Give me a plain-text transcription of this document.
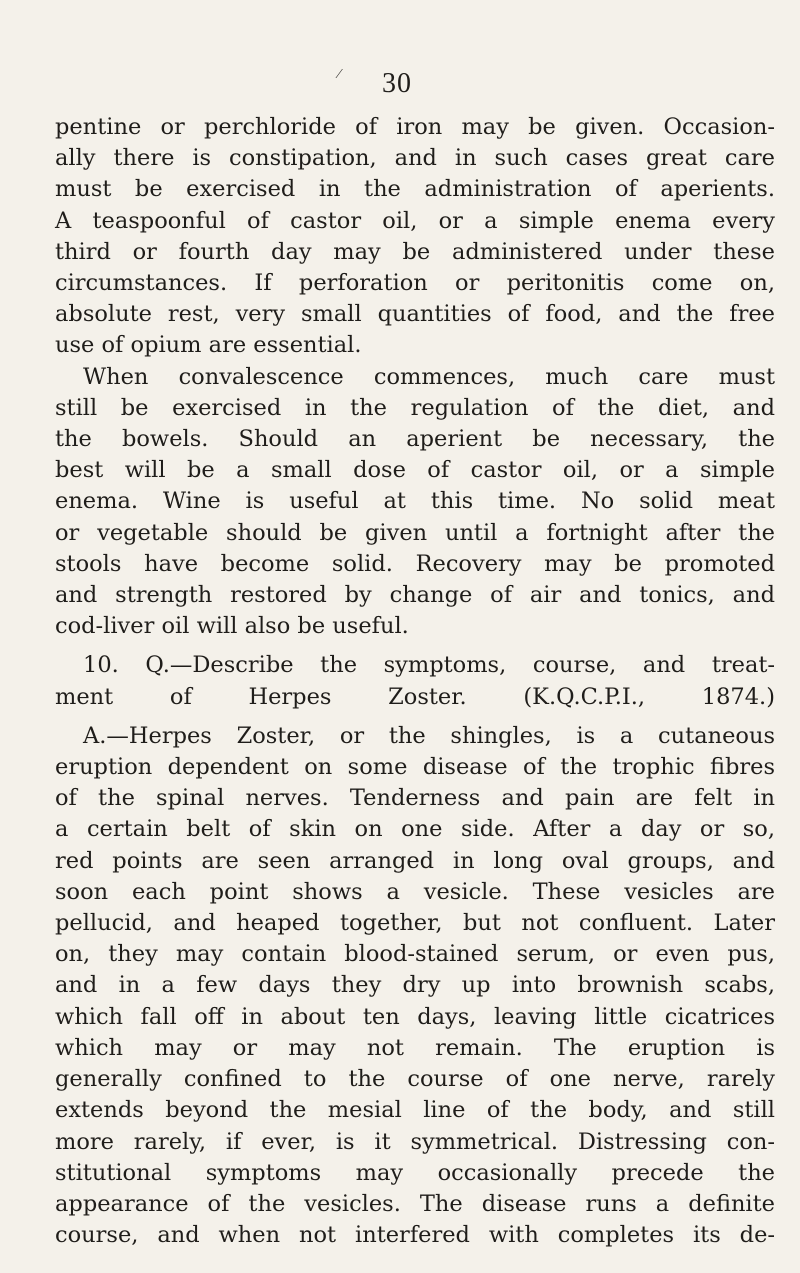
⁄ 30

pentine or perchloride of iron may be given. Occasion-
ally there is constipation, and in such cases great care
must be exercised in the administration of aperients.
A teaspoonful of castor oil, or a simple enema every
third or fourth day may be administered under these
circumstances. If perforation or peritonitis come on,
absolute rest, very small quantities of food, and the free
use of opium are essential.

When convalescence commences, much care must
still be exercised in the regulation of the diet, and
the bowels. Should an aperient be necessary, the
best will be a small dose of castor oil, or a simple
enema. Wine is useful at this time. No solid meat
or vegetable should be given until a fortnight after the
stools have become solid. Recovery may be promoted
and strength restored by change of air and tonics, and
cod-liver oil will also be useful.

10. Q.—Describe the symptoms, course, and treat-
ment of Herpes Zoster. (K.Q.C.P.I., 1874.)

A.—Herpes Zoster, or the shingles, is a cutaneous
eruption dependent on some disease of the trophic fibres
of the spinal nerves. Tenderness and pain are felt in
a certain belt of skin on one side. After a day or so,
red points are seen arranged in long oval groups, and
soon each point shows a vesicle. These vesicles are
pellucid, and heaped together, but not confluent. Later
on, they may contain blood-stained serum, or even pus,
and in a few days they dry up into brownish scabs,
which fall off in about ten days, leaving little cicatrices
which may or may not remain. The eruption is
generally confined to the course of one nerve, rarely
extends beyond the mesial line of the body, and still
more rarely, if ever, is it symmetrical. Distressing con-
stitutional symptoms may occasionally precede the
appearance of the vesicles. The disease runs a definite
course, and when not interfered with completes its de-
